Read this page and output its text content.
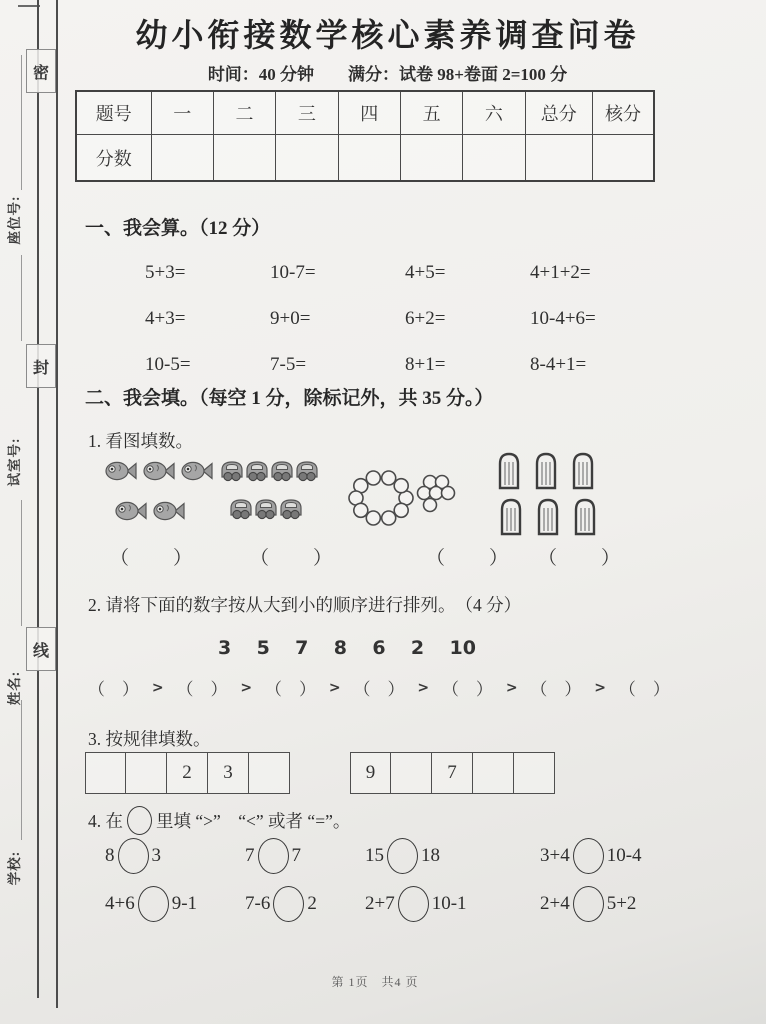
密
封
线
座位号:
试室号:
姓名:
学校:
幼小衔接数学核心素养调查问卷
时间：40 分钟　　满分：试卷 98+卷面 2=100 分
题号	一	二	三	四	五	六	总分	核分
分数
一、我会算。（12 分）
5+3=	10-7=	4+5=	4+1+2=
4+3=	9+0=	6+2=	10-4+6=
10-5=	7-5=	8+1=	8-4+1=
二、我会填。（每空 1 分，除标记外，共 35 分。）
1. 看图填数。
（　　）	（　　）	（　　） （　　）
2. 请将下面的数字按从大到小的顺序进行排列。　（4 分）
3 5 7 8 6 2 10
（　） > （　） > （　） > （　） > （　） > （　） > （　）
3. 按规律填数。
2	3	9	7
4. 在 里填 “>”　“<” 或者 “=”。
8 3	7 7	15 18	3+4 10-4
4+6 9-1	7-6 2	2+7 10-1	2+4 5+2
第 1页　共4 页
